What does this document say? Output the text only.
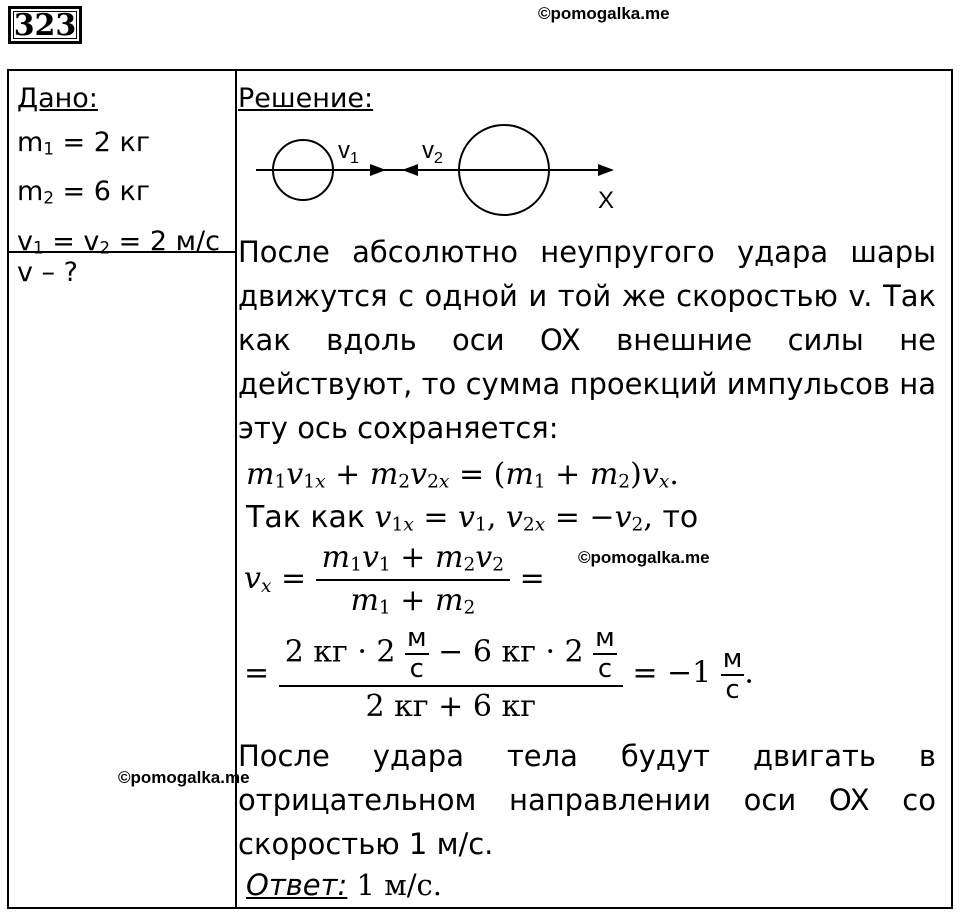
323	©pomogalka.me
Дано:
$m_1 = 2$ кг
$m_2 = 6$ кг
$v_1 = v_2 = 2$ м/с
v – ?
Решение:
$v_1$	$v_2$
X
После абсолютно неупругого удара шары движутся с одной и той же скоростью v. Так как вдоль оси OX внешние силы не действуют, то сумма проекций импульсов на эту ось сохраняется:
$m_1v_{1x} + m_2v_{2x} = (m_1 + m_2)v_x$.
Так как $v_{1x} = v_1$, $v_{2x} = -v_2$, то
$v_x = \frac{m_1v_1 + m_2v_2}{m_1 + m_2}$ =
©pomogalka.me
= $\frac{2 кг \cdot 2 \frac{м}{с} - 6 кг \cdot 2 \frac{м}{с}}{2 кг + 6 кг} = -1 \frac{м}{с}$ .
После удара тела будут двигать в отрицательном направлении оси OX со скоростью 1 м/с.
©pomogalka.me
Ответ: 1 м/с.
